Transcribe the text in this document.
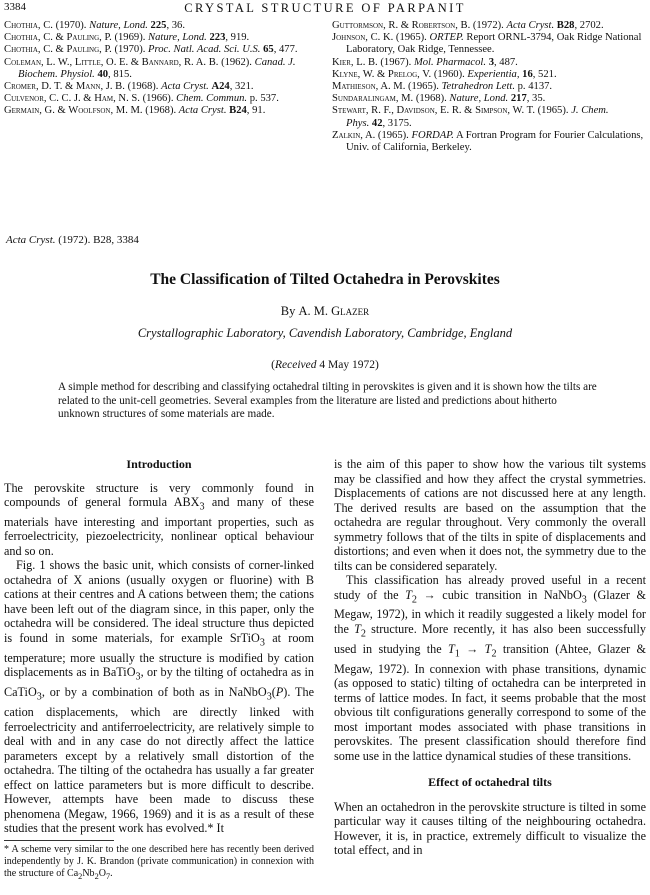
3384	CRYSTAL STRUCTURE OF PARPANIT

Chothia, C. (1970). Nature, Lond. 225, 36.

Chothia, C. & Pauling, P. (1969). Nature, Lond. 223, 919.

Chothia, C. & Pauling, P. (1970). Proc. Natl. Acad. Sci. U.S. 65, 477.

Coleman, L. W., Little, O. E. & Bannard, R. A. B. (1962). Canad. J. Biochem. Physiol. 40, 815.

Cromer, D. T. & Mann, J. B. (1968). Acta Cryst. A24, 321.

Culvenor, C. C. J. & Ham, N. S. (1966). Chem. Commun. p. 537.

Germain, G. & Woolfson, M. M. (1968). Acta Cryst. B24, 91.

Guttormson, R. & Robertson, B. (1972). Acta Cryst. B28, 2702.

Johnson, C. K. (1965). ORTEP. Report ORNL-3794, Oak Ridge National Laboratory, Oak Ridge, Tennessee.

Kier, L. B. (1967). Mol. Pharmacol. 3, 487.

Klyne, W. & Prelog, V. (1960). Experientia, 16, 521.

Mathieson, A. M. (1965). Tetrahedron Lett. p. 4137.

Sundaralingam, M. (1968). Nature, Lond. 217, 35.

Stewart, R. F., Davidson, E. R. & Simpson, W. T. (1965). J. Chem. Phys. 42, 3175.

Zalkin, A. (1965). FORDAP. A Fortran Program for Fourier Calculations, Univ. of California, Berkeley.

Acta Cryst. (1972). B28, 3384
The Classification of Tilted Octahedra in Perovskites
By A. M. Glazer
Crystallographic Laboratory, Cavendish Laboratory, Cambridge, England
(Received 4 May 1972)
A simple method for describing and classifying octahedral tilting in perovskites is given and it is shown how the tilts are related to the unit-cell geometries. Several examples from the literature are listed and predictions about hitherto unknown structures of some materials are made.

Introduction

The perovskite structure is very commonly found in compounds of general formula $ABX_3$ and many of these materials have interesting and important properties, such as ferroelectricity, piezoelectricity, nonlinear optical behaviour and so on.

Fig. 1 shows the basic unit, which consists of corner-linked octahedra of X anions (usually oxygen or fluorine) with B cations at their centres and A cations between them; the cations have been left out of the diagram since, in this paper, only the octahedra will be considered. The ideal structure thus depicted is found in some materials, for example SrTiO$_3$ at room temperature; more usually the structure is modified by cation displacements as in BaTiO$_3$, or by the tilting of octahedra as in CaTiO$_3$, or by a combination of both as in NaNbO$_3$(P). The cation displacements, which are directly linked with ferroelectricity and antiferroelectricity, are relatively simple to deal with and in any case do not directly affect the lattice parameters except by a relatively small distortion of the octahedra. The tilting of the octahedra has usually a far greater effect on lattice parameters but is more difficult to describe. However, attempts have been made to discuss these phenomena (Megaw, 1966, 1969) and it is as a result of these studies that the present work has evolved.* It

* A scheme very similar to the one described here has recently been derived independently by J. K. Brandon (private communication) in connexion with the structure of $Ca_2Nb_2O_7$.

is the aim of this paper to show how the various tilt systems may be classified and how they affect the crystal symmetries. Displacements of cations are not discussed here at any length. The derived results are based on the assumption that the octahedra are regular throughout. Very commonly the overall symmetry follows that of the tilts in spite of displacements and distortions; and even when it does not, the symmetry due to the tilts can be considered separately.

This classification has already proved useful in a recent study of the $T_2$ → cubic transition in NaNbO$_3$ (Glazer & Megaw, 1972), in which it readily suggested a likely model for the $T_2$ structure. More recently, it has also been successfully used in studying the $T_1 \to T_2$ transition (Ahtee, Glazer & Megaw, 1972). In connexion with phase transitions, dynamic (as opposed to static) tilting of octahedra can be interpreted in terms of lattice modes. In fact, it seems probable that the most obvious tilt configurations generally correspond to some of the most important modes associated with phase transitions in perovskites. The present classification should therefore find some use in the lattice dynamical studies of these transitions.

Effect of octahedral tilts

When an octahedron in the perovskite structure is tilted in some particular way it causes tilting of the neighbouring octahedra. However, it is, in practice, extremely difficult to visualize the total effect, and in
